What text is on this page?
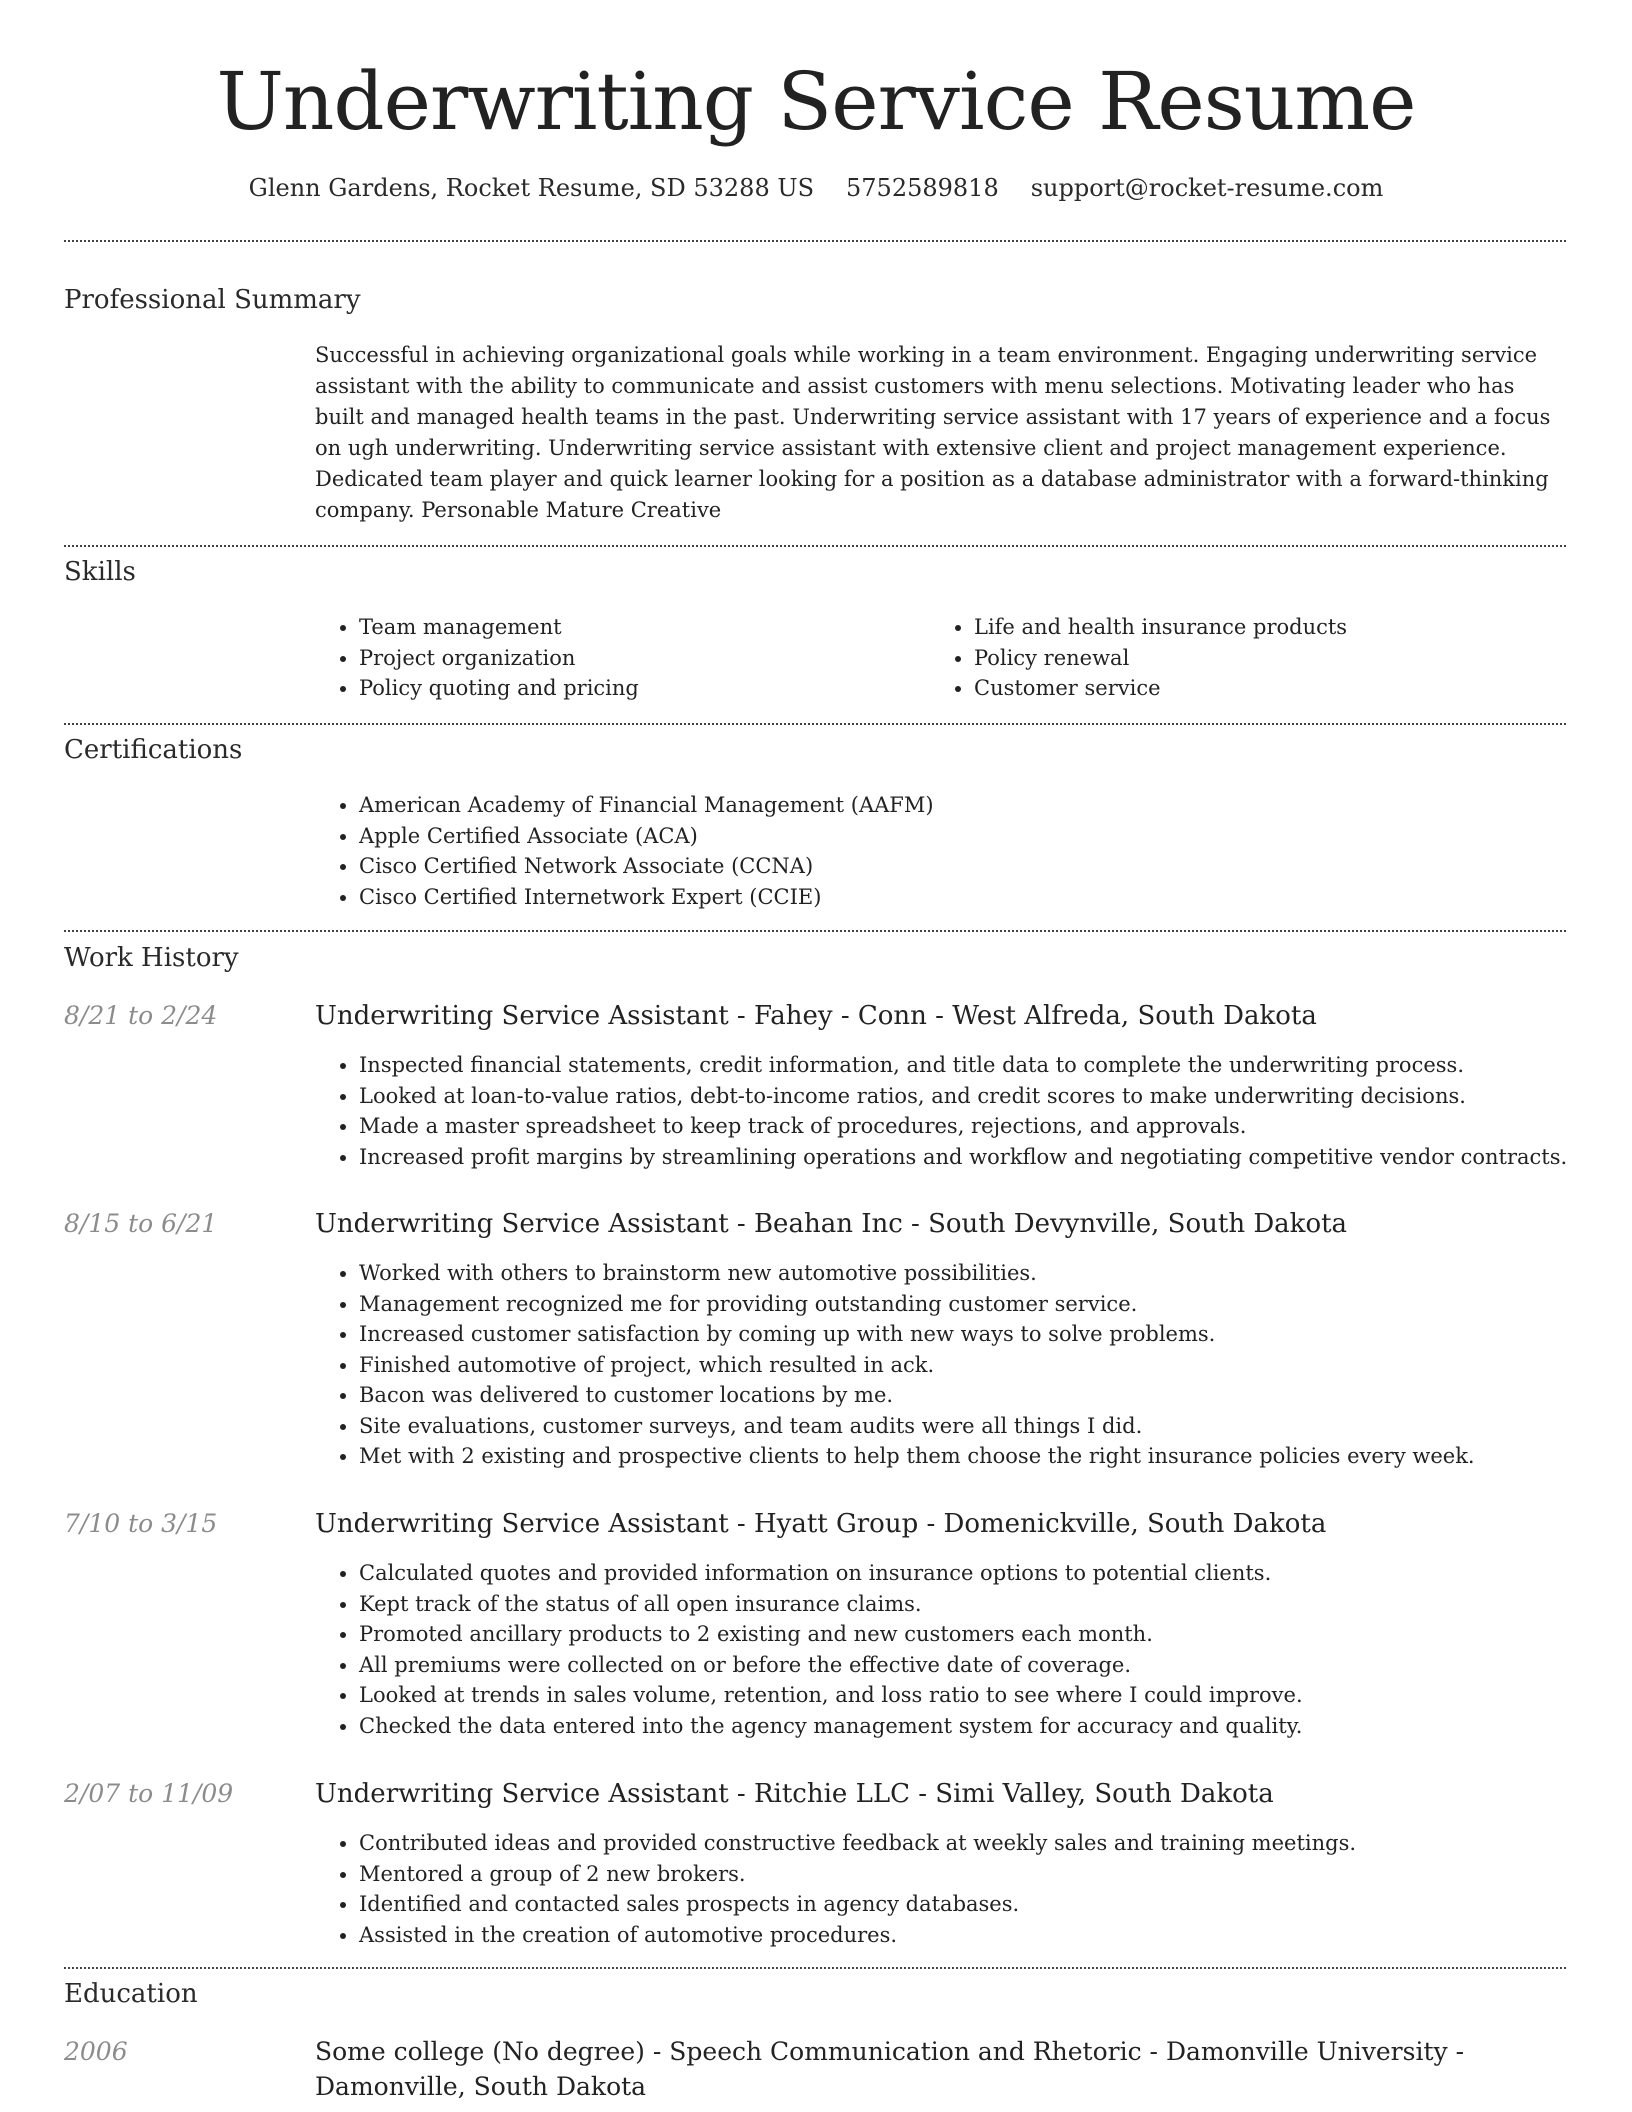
Underwriting Service Resume
Glenn Gardens, Rocket Resume, SD 53288 US 5752589818 support@rocket-resume.com
Professional Summary

Successful in achieving organizational goals while working in a team environment. Engaging underwriting service assistant with the ability to communicate and assist customers with menu selections. Motivating leader who has built and managed health teams in the past. Underwriting service assistant with 17 years of experience and a focus on ugh underwriting. Underwriting service assistant with extensive client and project management experience. Dedicated team player and quick learner looking for a position as a database administrator with a forward-thinking company. Personable Mature Creative

Skills
• Team management
• Project organization
• Policy quoting and pricing
• Life and health insurance products
• Policy renewal
• Customer service
Certifications
• American Academy of Financial Management (AAFM)
• Apple Certified Associate (ACA)
• Cisco Certified Network Associate (CCNA)
• Cisco Certified Internetwork Expert (CCIE)
Work History
8/21 to 2/24	Underwriting Service Assistant - Fahey - Conn - West Alfreda, South Dakota
• Inspected financial statements, credit information, and title data to complete the underwriting process.
• Looked at loan-to-value ratios, debt-to-income ratios, and credit scores to make underwriting decisions.
• Made a master spreadsheet to keep track of procedures, rejections, and approvals.
• Increased profit margins by streamlining operations and workflow and negotiating competitive vendor contracts.
8/15 to 6/21	Underwriting Service Assistant - Beahan Inc - South Devynville, South Dakota
• Worked with others to brainstorm new automotive possibilities.
• Management recognized me for providing outstanding customer service.
• Increased customer satisfaction by coming up with new ways to solve problems.
• Finished automotive of project, which resulted in ack.
• Bacon was delivered to customer locations by me.
• Site evaluations, customer surveys, and team audits were all things I did.
• Met with 2 existing and prospective clients to help them choose the right insurance policies every week.
7/10 to 3/15	Underwriting Service Assistant - Hyatt Group - Domenickville, South Dakota
• Calculated quotes and provided information on insurance options to potential clients.
• Kept track of the status of all open insurance claims.
• Promoted ancillary products to 2 existing and new customers each month.
• All premiums were collected on or before the effective date of coverage.
• Looked at trends in sales volume, retention, and loss ratio to see where I could improve.
• Checked the data entered into the agency management system for accuracy and quality.
2/07 to 11/09	Underwriting Service Assistant - Ritchie LLC - Simi Valley, South Dakota
• Contributed ideas and provided constructive feedback at weekly sales and training meetings.
• Mentored a group of 2 new brokers.
• Identified and contacted sales prospects in agency databases.
• Assisted in the creation of automotive procedures.
Education
2006	Some college (No degree) - Speech Communication and Rhetoric - Damonville University - Damonville, South Dakota
